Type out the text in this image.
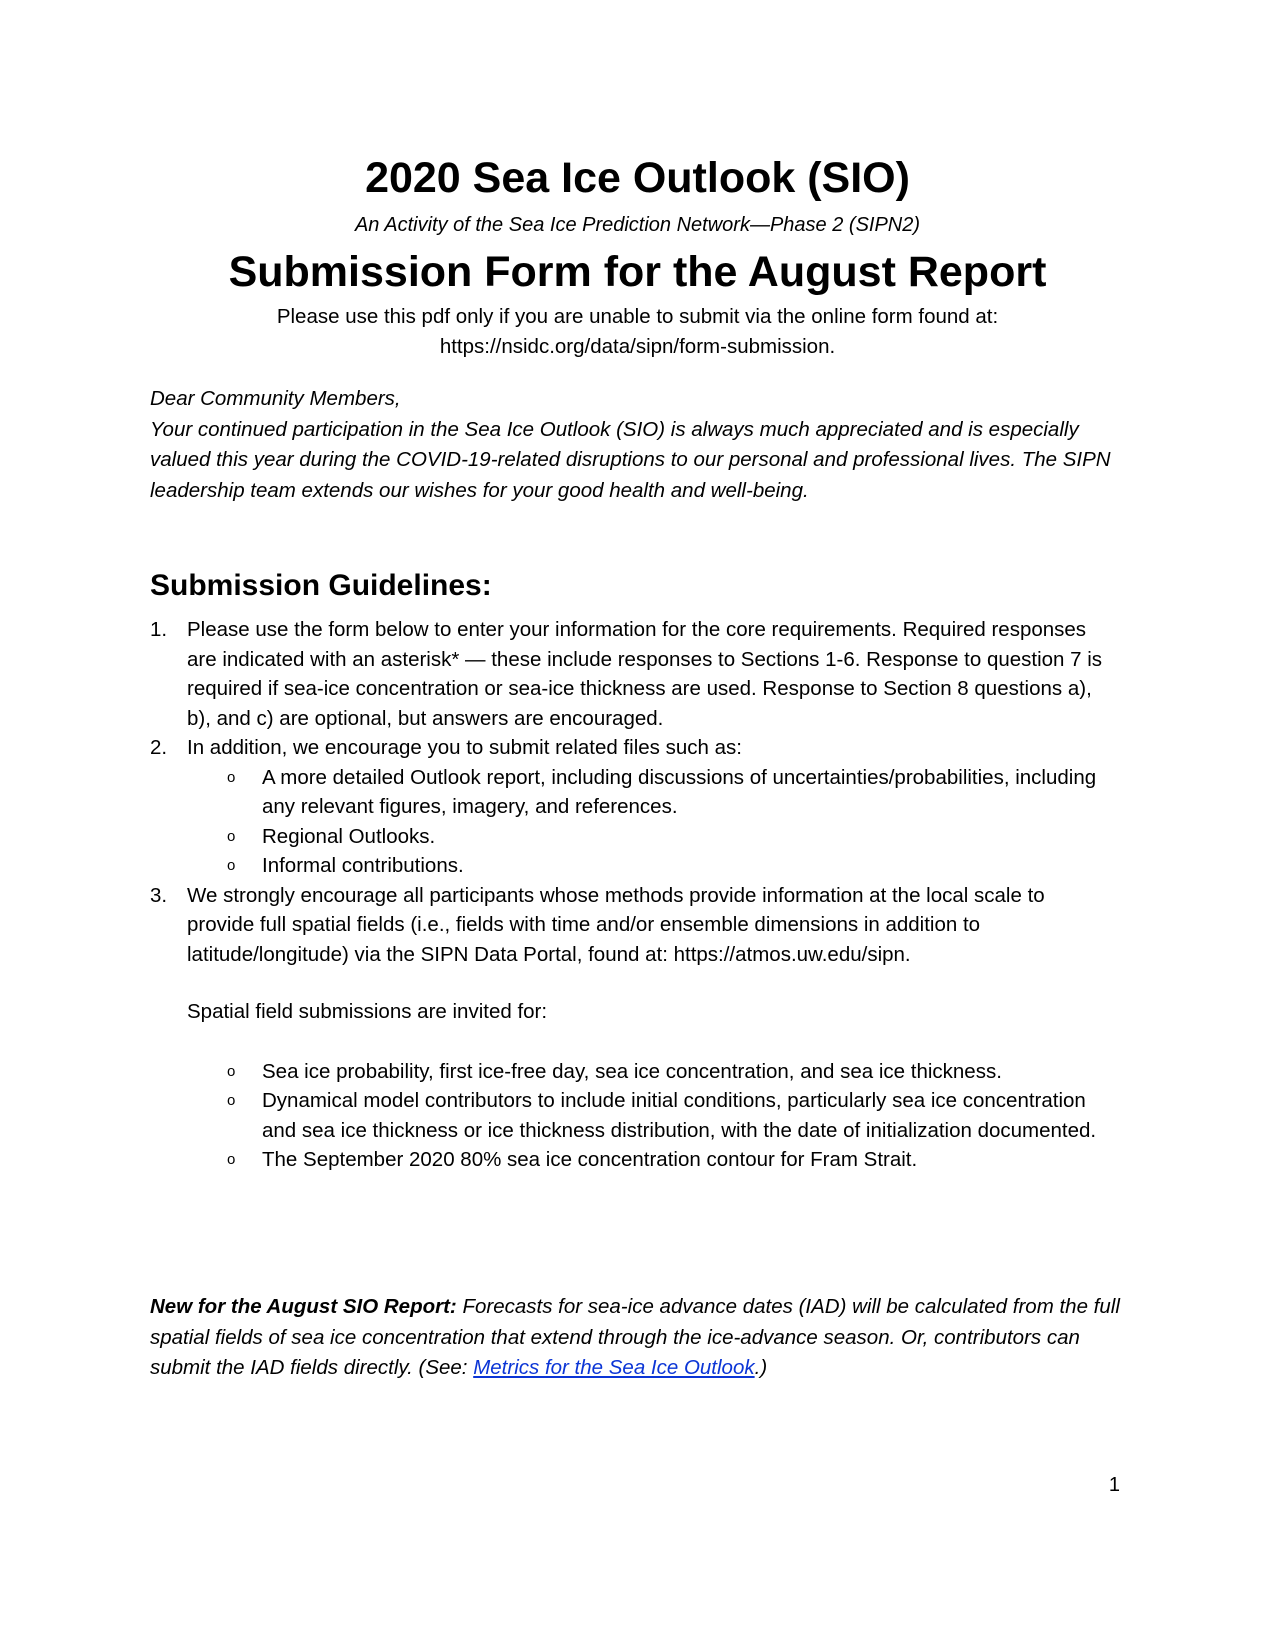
2020 Sea Ice Outlook (SIO)
An Activity of the Sea Ice Prediction Network—Phase 2 (SIPN2)
Submission Form for the August Report
Please use this pdf only if you are unable to submit via the online form found at:
https://nsidc.org/data/sipn/form-submission.

Dear Community Members,

Your continued participation in the Sea Ice Outlook (SIO) is always much appreciated and is especially valued this year during the COVID-19-related disruptions to our personal and professional lives. The SIPN leadership team extends our wishes for your good health and well-being.

Submission Guidelines:
1. Please use the form below to enter your information for the core requirements. Required responses are indicated with an asterisk* — these include responses to Sections 1-6. Response to question 7 is required if sea-ice concentration or sea-ice thickness are used. Response to Section 8 questions a), b), and c) are optional, but answers are encouraged.
2. In addition, we encourage you to submit related files such as:
o A more detailed Outlook report, including discussions of uncertainties/probabilities, including any relevant figures, imagery, and references.
o Regional Outlooks.
o Informal contributions.
3. We strongly encourage all participants whose methods provide information at the local scale to provide full spatial fields (i.e., fields with time and/or ensemble dimensions in addition to latitude/longitude) via the SIPN Data Portal, found at: https://atmos.uw.edu/sipn.
Spatial field submissions are invited for:
o Sea ice probability, first ice-free day, sea ice concentration, and sea ice thickness.
o Dynamical model contributors to include initial conditions, particularly sea ice concentration and sea ice thickness or ice thickness distribution, with the date of initialization documented.
o The September 2020 80% sea ice concentration contour for Fram Strait.
New for the August SIO Report: Forecasts for sea-ice advance dates (IAD) will be calculated from the full spatial fields of sea ice concentration that extend through the ice-advance season. Or, contributors can submit the IAD fields directly. (See: Metrics for the Sea Ice Outlook.)
1
